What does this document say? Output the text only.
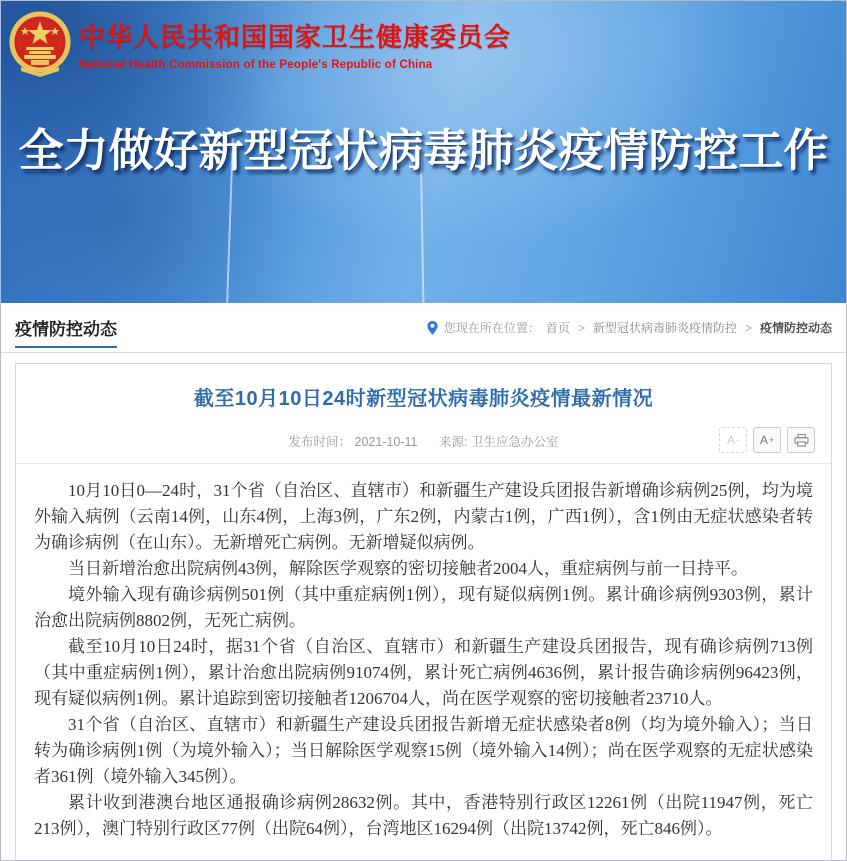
中华人民共和国国家卫生健康委员会
National Health Commission of the People's Republic of China
全力做好新型冠状病毒肺炎疫情防控工作
疫情防控动态	您现在所在位置： 首页 > 新型冠状病毒肺炎疫情防控 > 疫情防控动态
截至10月10日24时新型冠状病毒肺炎疫情最新情况
发布时间： 2021-10-11 来源: 卫生应急办公室	A - A +

10月10日0—24时，31个省（自治区、直辖市）和新疆生产建设兵团报告新增确诊病例25例，均为境外输入病例（云南14例，山东4例，上海3例，广东2例，内蒙古1例，广西1例），含1例由无症状感染者转为确诊病例（在山东）。无新增死亡病例。无新增疑似病例。

当日新增治愈出院病例43例，解除医学观察的密切接触者2004人，重症病例与前一日持平。

境外输入现有确诊病例501例（其中重症病例1例），现有疑似病例1例。累计确诊病例9303例，累计治愈出院病例8802例，无死亡病例。

截至10月10日24时，据31个省（自治区、直辖市）和新疆生产建设兵团报告，现有确诊病例713例（其中重症病例1例），累计治愈出院病例91074例，累计死亡病例4636例，累计报告确诊病例96423例，现有疑似病例1例。累计追踪到密切接触者1206704人，尚在医学观察的密切接触者23710人。

31个省（自治区、直辖市）和新疆生产建设兵团报告新增无症状感染者8例（均为境外输入）；当日转为确诊病例1例（为境外输入）；当日解除医学观察15例（境外输入14例）；尚在医学观察的无症状感染者361例（境外输入345例）。

累计收到港澳台地区通报确诊病例28632例。其中，香港特别行政区12261例（出院11947例，死亡213例），澳门特别行政区77例（出院64例），台湾地区16294例（出院13742例，死亡846例）。
